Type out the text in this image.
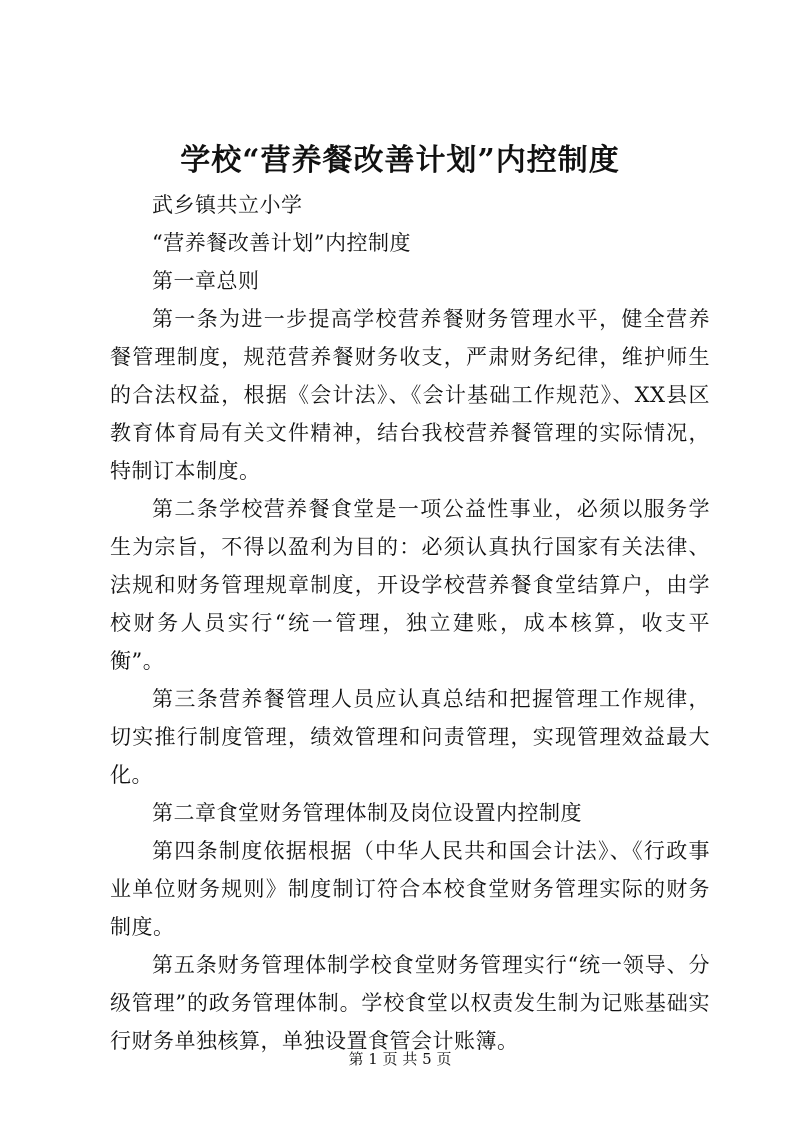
学校“营养餐改善计划”内控制度

武乡镇共立小学

“营养餐改善计划”内控制度

第一章总则

第一条为进一步提高学校营养餐财务管理水平，健全营养餐管理制度，规范营养餐财务收支，严肃财务纪律，维护师生的合法权益，根据《会计法》、《会计基础工作规范》、XX县区教育体育局有关文件精神，结台我校营养餐管理的实际情况，特制订本制度。

第二条学校营养餐食堂是一项公益性事业，必须以服务学生为宗旨，不得以盈利为目的：必须认真执行国家有关法律、法规和财务管理规章制度，开设学校营养餐食堂结算户，由学校财务人员实行“统一管理，独立建账，成本核算，收支平衡”。

第三条营养餐管理人员应认真总结和把握管理工作规律，切实推行制度管理，绩效管理和问责管理，实现管理效益最大化。

第二章食堂财务管理体制及岗位设置内控制度

第四条制度依据根据（中华人民共和国会计法》、《行政事业单位财务规则》制度制订符合本校食堂财务管理实际的财务制度。

第五条财务管理体制学校食堂财务管理实行“统一领导、分级管理”的政务管理体制。学校食堂以权责发生制为记账基础实行财务单独核算，单独设置食管会计账簿。

第 1 页 共 5 页
